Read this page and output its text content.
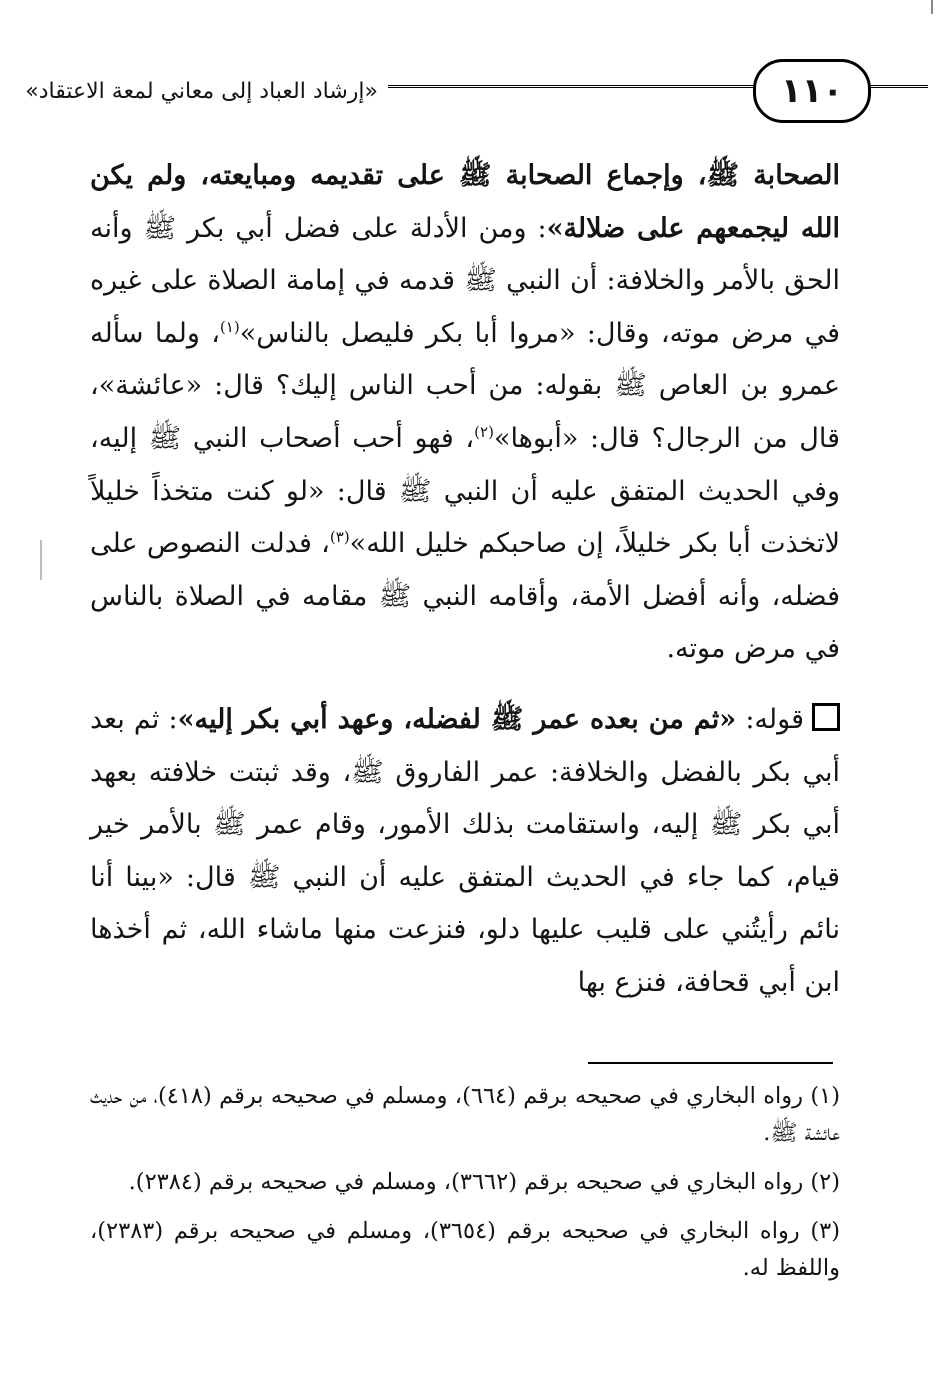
١١٠
«إرشاد العباد إلى معاني لمعة الاعتقاد»

الصحابة ﷺ، وإجماع الصحابة ﷺ على تقديمه ومبايعته، ولم يكن الله ليجمعهم على ضلالة»: ومن الأدلة على فضل أبي بكر ﷺ وأنه الحق بالأمر والخلافة: أن النبي ﷺ قدمه في إمامة الصلاة على غيره في مرض موته، وقال: «مروا أبا بكر فليصل بالناس»$^{(١)}$، ولما سأله عمرو بن العاص ﷺ بقوله: من أحب الناس إليك؟ قال: «عائشة»، قال من الرجال؟ قال: «أبوها»$^{(٢)}$، فهو أحب أصحاب النبي ﷺ إليه، وفي الحديث المتفق عليه أن النبي ﷺ قال: «لو كنت متخذاً خليلاً لاتخذت أبا بكر خليلاً، إن صاحبكم خليل الله»$^{(٣)}$، فدلت النصوص على فضله، وأنه أفضل الأمة، وأقامه النبي ﷺ مقامه في الصلاة بالناس في مرض موته.

قوله: «ثم من بعده عمر ﷺ لفضله، وعهد أبي بكر إليه»: ثم بعد أبي بكر بالفضل والخلافة: عمر الفاروق ﷺ، وقد ثبتت خلافته بعهد أبي بكر ﷺ إليه، واستقامت بذلك الأمور، وقام عمر ﷺ بالأمر خير قيام، كما جاء في الحديث المتفق عليه أن النبي ﷺ قال: «بينا أنا نائم رأيتُني على قليب عليها دلو، فنزعت منها ماشاء الله، ثم أخذها ابن أبي قحافة، فنزع بها

(١) رواه البخاري في صحيحه برقم (٦٦٤)، ومسلم في صحيحه برقم (٤١٨)، من حديث عائشة ﷺ.

(٢) رواه البخاري في صحيحه برقم (٣٦٦٢)، ومسلم في صحيحه برقم (٢٣٨٤).

(٣) رواه البخاري في صحيحه برقم (٣٦٥٤)، ومسلم في صحيحه برقم (٢٣٨٣)، واللفظ له.
